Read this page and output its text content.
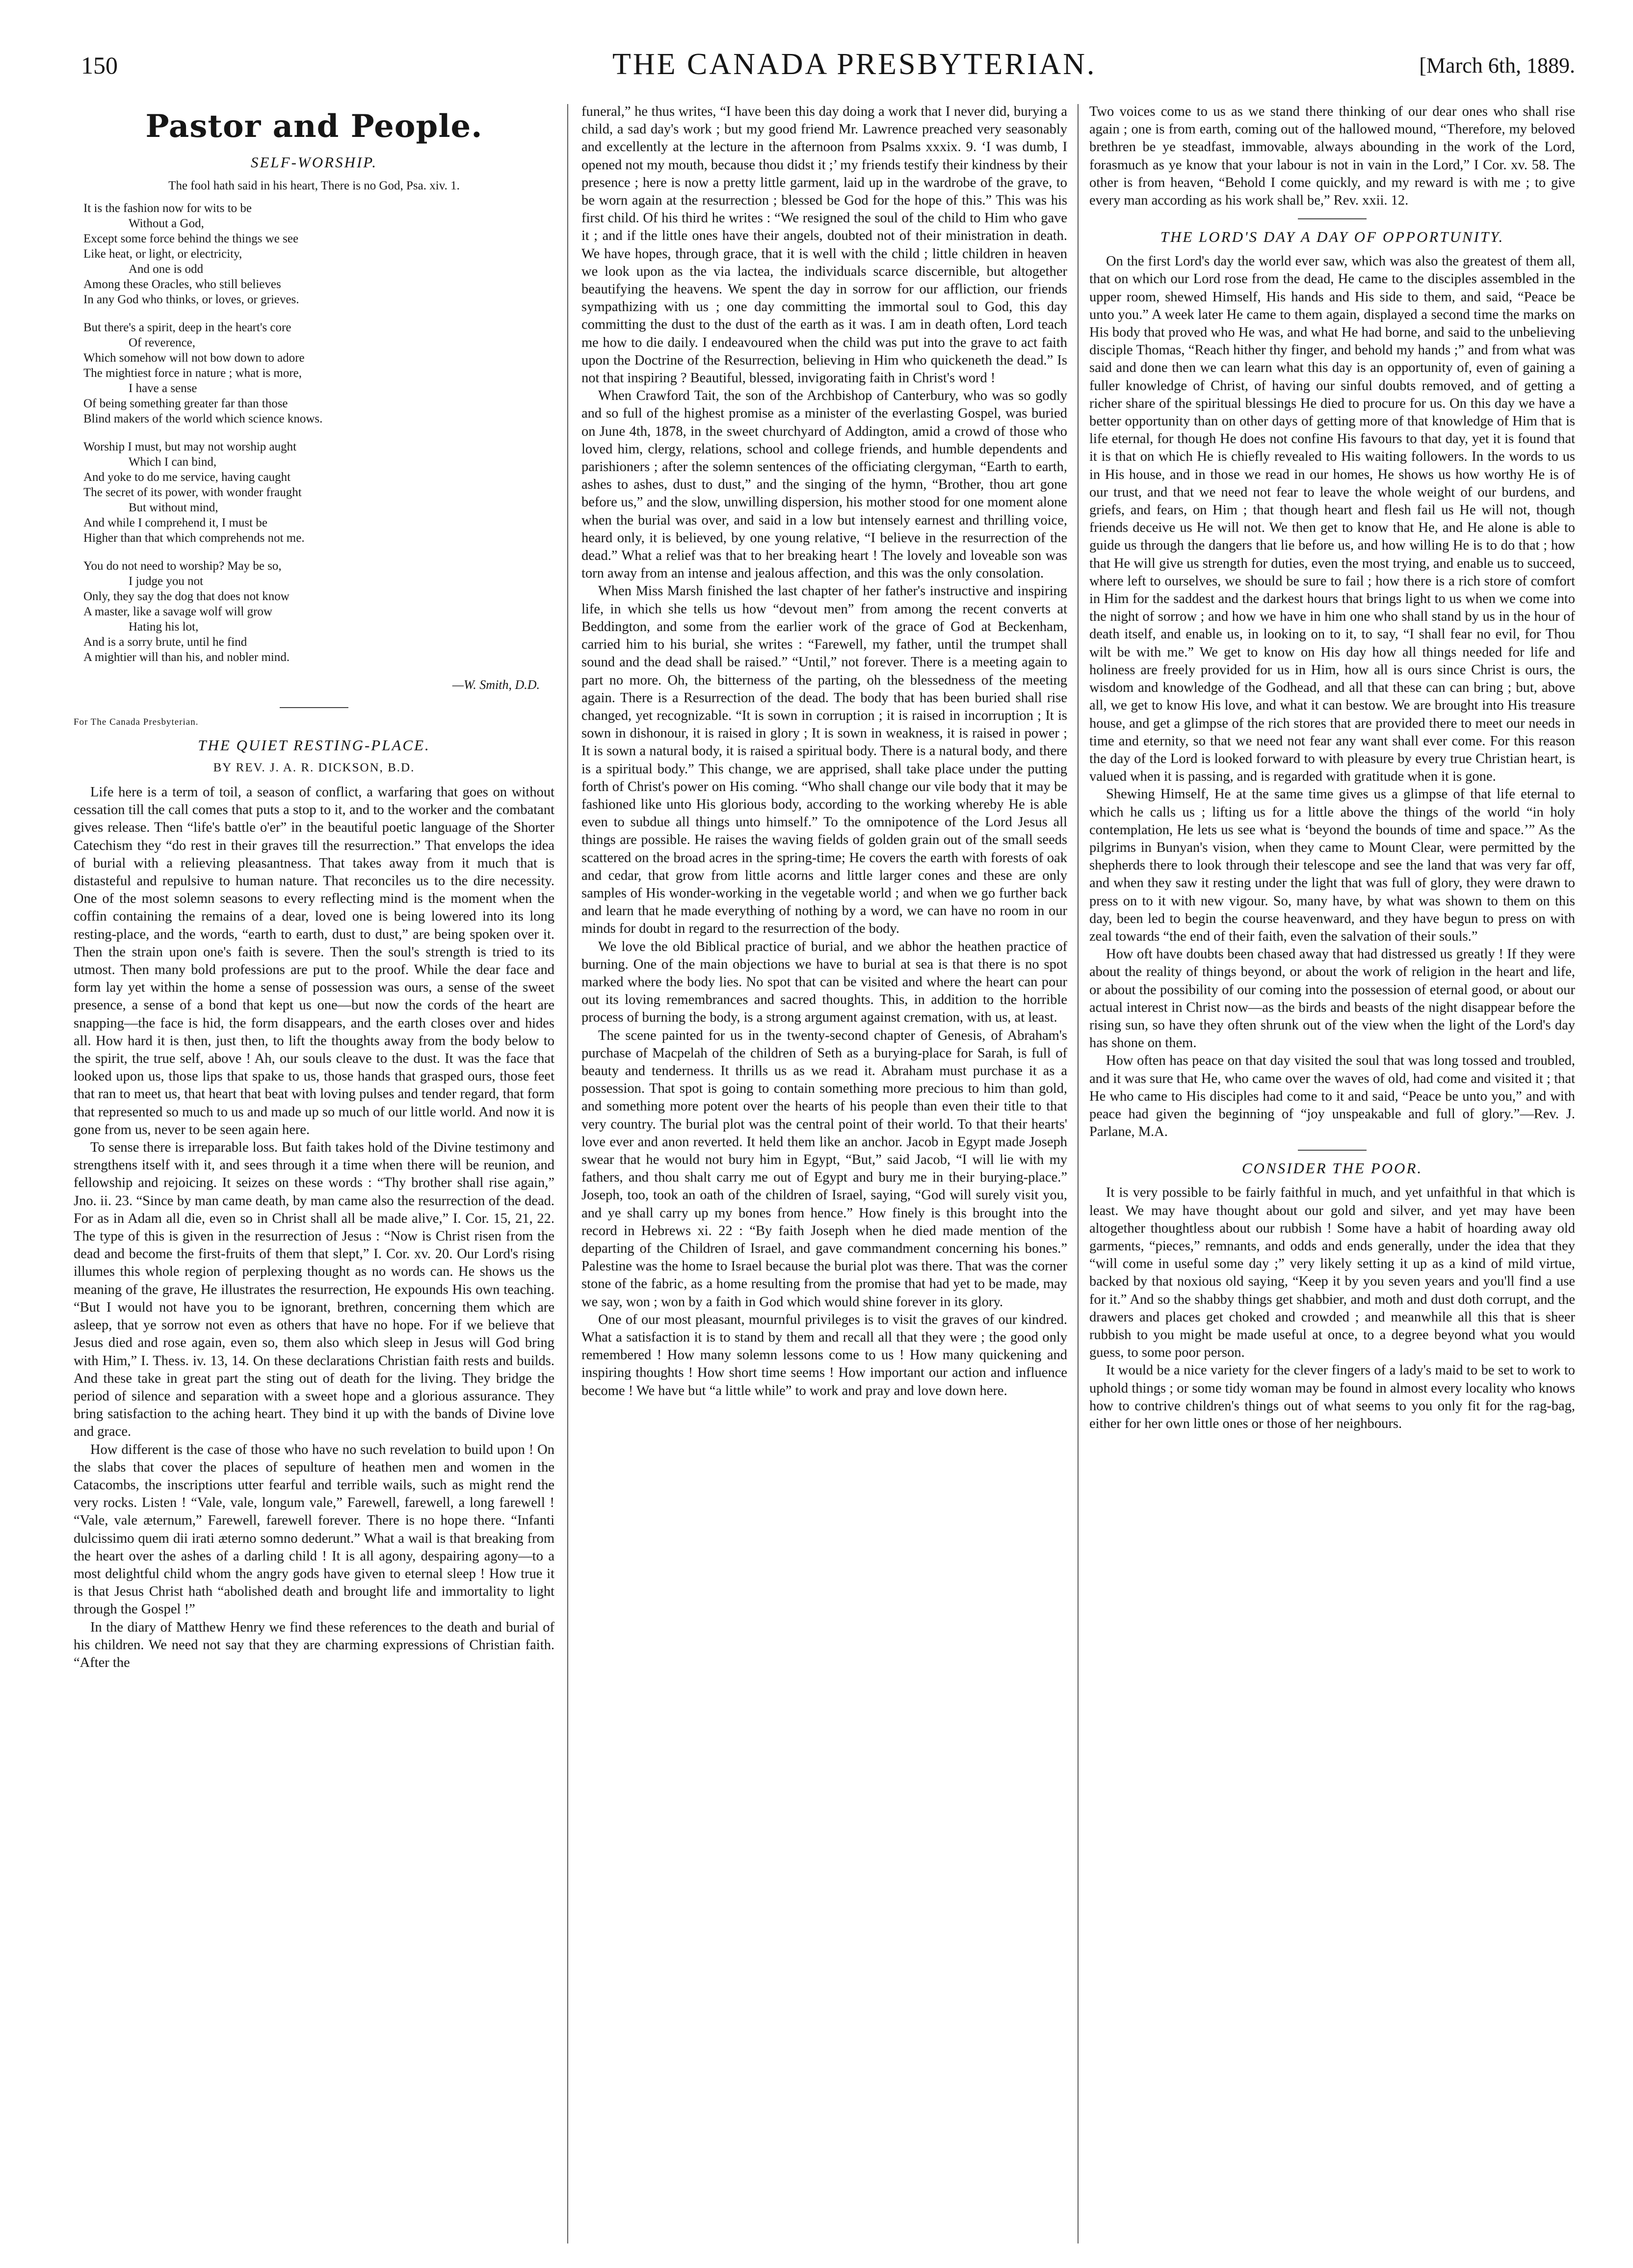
150	THE CANADA PRESBYTERIAN.	[March 6th, 1889.
Pastor and People.
SELF-WORSHIP.
The fool hath said in his heart, There is no God, Psa. xiv. 1.
It is the fashion now for wits to be
Without a God,
Except some force behind the things we see
Like heat, or light, or electricity,
And one is odd
Among these Oracles, who still believes
In any God who thinks, or loves, or grieves.
But there's a spirit, deep in the heart's core
Of reverence,
Which somehow will not bow down to adore
The mightiest force in nature ; what is more,
I have a sense
Of being something greater far than those
Blind makers of the world which science knows.
Worship I must, but may not worship aught
Which I can bind,
And yoke to do me service, having caught
The secret of its power, with wonder fraught
But without mind,
And while I comprehend it, I must be
Higher than that which comprehends not me.
You do not need to worship? May be so,
I judge you not
Only, they say the dog that does not know
A master, like a savage wolf will grow
Hating his lot,
And is a sorry brute, until he find
A mightier will than his, and nobler mind.
—W. Smith, D.D.
For The Canada Presbyterian.
THE QUIET RESTING-PLACE.
BY REV. J. A. R. DICKSON, B.D.

Life here is a term of toil, a season of conflict, a warfaring that goes on without cessation till the call comes that puts a stop to it, and to the worker and the combatant gives release. Then “life's battle o'er” in the beautiful poetic language of the Shorter Catechism they “do rest in their graves till the resurrection.” That envelops the idea of burial with a relieving pleasantness. That takes away from it much that is distasteful and repulsive to human nature. That reconciles us to the dire necessity. One of the most solemn seasons to every reflecting mind is the moment when the coffin containing the remains of a dear, loved one is being lowered into its long resting-place, and the words, “earth to earth, dust to dust,” are being spoken over it. Then the strain upon one's faith is severe. Then the soul's strength is tried to its utmost. Then many bold professions are put to the proof. While the dear face and form lay yet within the home a sense of possession was ours, a sense of the sweet presence, a sense of a bond that kept us one—but now the cords of the heart are snapping—the face is hid, the form disappears, and the earth closes over and hides all. How hard it is then, just then, to lift the thoughts away from the body below to the spirit, the true self, above ! Ah, our souls cleave to the dust. It was the face that looked upon us, those lips that spake to us, those hands that grasped ours, those feet that ran to meet us, that heart that beat with loving pulses and tender regard, that form that represented so much to us and made up so much of our little world. And now it is gone from us, never to be seen again here.

To sense there is irreparable loss. But faith takes hold of the Divine testimony and strengthens itself with it, and sees through it a time when there will be reunion, and fellowship and rejoicing. It seizes on these words : “Thy brother shall rise again,” Jno. ii. 23. “Since by man came death, by man came also the resurrection of the dead. For as in Adam all die, even so in Christ shall all be made alive,” I. Cor. 15, 21, 22. The type of this is given in the resurrection of Jesus : “Now is Christ risen from the dead and become the first-fruits of them that slept,” I. Cor. xv. 20. Our Lord's rising illumes this whole region of perplexing thought as no words can. He shows us the meaning of the grave, He illustrates the resurrection, He expounds His own teaching. “But I would not have you to be ignorant, brethren, concerning them which are asleep, that ye sorrow not even as others that have no hope. For if we believe that Jesus died and rose again, even so, them also which sleep in Jesus will God bring with Him,” I. Thess. iv. 13, 14. On these declarations Christian faith rests and builds. And these take in great part the sting out of death for the living. They bridge the period of silence and separation with a sweet hope and a glorious assurance. They bring satisfaction to the aching heart. They bind it up with the bands of Divine love and grace.

How different is the case of those who have no such revelation to build upon ! On the slabs that cover the places of sepulture of heathen men and women in the Catacombs, the inscriptions utter fearful and terrible wails, such as might rend the very rocks. Listen ! “Vale, vale, longum vale,” Farewell, farewell, a long farewell ! “Vale, vale æternum,” Farewell, farewell forever. There is no hope there. “Infanti dulcissimo quem dii irati æterno somno dederunt.” What a wail is that breaking from the heart over the ashes of a darling child ! It is all agony, despairing agony—to a most delightful child whom the angry gods have given to eternal sleep ! How true it is that Jesus Christ hath “abolished death and brought life and immortality to light through the Gospel !”

In the diary of Matthew Henry we find these references to the death and burial of his children. We need not say that they are charming expressions of Christian faith. “After the

funeral,” he thus writes, “I have been this day doing a work that I never did, burying a child, a sad day's work ; but my good friend Mr. Lawrence preached very seasonably and excellently at the lecture in the afternoon from Psalms xxxix. 9. ‘I was dumb, I opened not my mouth, because thou didst it ;’ my friends testify their kindness by their presence ; here is now a pretty little garment, laid up in the wardrobe of the grave, to be worn again at the resurrection ; blessed be God for the hope of this.” This was his first child. Of his third he writes : “We resigned the soul of the child to Him who gave it ; and if the little ones have their angels, doubted not of their ministration in death. We have hopes, through grace, that it is well with the child ; little children in heaven we look upon as the via lactea, the individuals scarce discernible, but altogether beautifying the heavens. We spent the day in sorrow for our affliction, our friends sympathizing with us ; one day committing the immortal soul to God, this day committing the dust to the dust of the earth as it was. I am in death often, Lord teach me how to die daily. I endeavoured when the child was put into the grave to act faith upon the Doctrine of the Resurrection, believing in Him who quickeneth the dead.” Is not that inspiring ? Beautiful, blessed, invigorating faith in Christ's word !

When Crawford Tait, the son of the Archbishop of Canterbury, who was so godly and so full of the highest promise as a minister of the everlasting Gospel, was buried on June 4th, 1878, in the sweet churchyard of Addington, amid a crowd of those who loved him, clergy, relations, school and college friends, and humble dependents and parishioners ; after the solemn sentences of the officiating clergyman, “Earth to earth, ashes to ashes, dust to dust,” and the singing of the hymn, “Brother, thou art gone before us,” and the slow, unwilling dispersion, his mother stood for one moment alone when the burial was over, and said in a low but intensely earnest and thrilling voice, heard only, it is believed, by one young relative, “I believe in the resurrection of the dead.” What a relief was that to her breaking heart ! The lovely and loveable son was torn away from an intense and jealous affection, and this was the only consolation.

When Miss Marsh finished the last chapter of her father's instructive and inspiring life, in which she tells us how “devout men” from among the recent converts at Beddington, and some from the earlier work of the grace of God at Beckenham, carried him to his burial, she writes : “Farewell, my father, until the trumpet shall sound and the dead shall be raised.” “Until,” not forever. There is a meeting again to part no more. Oh, the bitterness of the parting, oh the blessedness of the meeting again. There is a Resurrection of the dead. The body that has been buried shall rise changed, yet recognizable. “It is sown in corruption ; it is raised in incorruption ; It is sown in dishonour, it is raised in glory ; It is sown in weakness, it is raised in power ; It is sown a natural body, it is raised a spiritual body. There is a natural body, and there is a spiritual body.” This change, we are apprised, shall take place under the putting forth of Christ's power on His coming. “Who shall change our vile body that it may be fashioned like unto His glorious body, according to the working whereby He is able even to subdue all things unto himself.” To the omnipotence of the Lord Jesus all things are possible. He raises the waving fields of golden grain out of the small seeds scattered on the broad acres in the spring-time; He covers the earth with forests of oak and cedar, that grow from little acorns and little larger cones and these are only samples of His wonder-working in the vegetable world ; and when we go further back and learn that he made everything of nothing by a word, we can have no room in our minds for doubt in regard to the resurrection of the body.

We love the old Biblical practice of burial, and we abhor the heathen practice of burning. One of the main objections we have to burial at sea is that there is no spot marked where the body lies. No spot that can be visited and where the heart can pour out its loving remembrances and sacred thoughts. This, in addition to the horrible process of burning the body, is a strong argument against cremation, with us, at least.

The scene painted for us in the twenty-second chapter of Genesis, of Abraham's purchase of Macpelah of the children of Seth as a burying-place for Sarah, is full of beauty and tenderness. It thrills us as we read it. Abraham must purchase it as a possession. That spot is going to contain something more precious to him than gold, and something more potent over the hearts of his people than even their title to that very country. The burial plot was the central point of their world. To that their hearts' love ever and anon reverted. It held them like an anchor. Jacob in Egypt made Joseph swear that he would not bury him in Egypt, “But,” said Jacob, “I will lie with my fathers, and thou shalt carry me out of Egypt and bury me in their burying-place.” Joseph, too, took an oath of the children of Israel, saying, “God will surely visit you, and ye shall carry up my bones from hence.” How finely is this brought into the record in Hebrews xi. 22 : “By faith Joseph when he died made mention of the departing of the Children of Israel, and gave commandment concerning his bones.” Palestine was the home to Israel because the burial plot was there. That was the corner stone of the fabric, as a home resulting from the promise that had yet to be made, may we say, won ; won by a faith in God which would shine forever in its glory.

One of our most pleasant, mournful privileges is to visit the graves of our kindred. What a satisfaction it is to stand by them and recall all that they were ; the good only remembered ! How many solemn lessons come to us ! How many quickening and inspiring thoughts ! How short time seems ! How important our action and influence become ! We have but “a little while” to work and pray and love down here.

Two voices come to us as we stand there thinking of our dear ones who shall rise again ; one is from earth, coming out of the hallowed mound, “Therefore, my beloved brethren be ye steadfast, immovable, always abounding in the work of the Lord, forasmuch as ye know that your labour is not in vain in the Lord,” I Cor. xv. 58. The other is from heaven, “Behold I come quickly, and my reward is with me ; to give every man according as his work shall be,” Rev. xxii. 12.

THE LORD'S DAY A DAY OF OPPORTUNITY.

On the first Lord's day the world ever saw, which was also the greatest of them all, that on which our Lord rose from the dead, He came to the disciples assembled in the upper room, shewed Himself, His hands and His side to them, and said, “Peace be unto you.” A week later He came to them again, displayed a second time the marks on His body that proved who He was, and what He had borne, and said to the unbelieving disciple Thomas, “Reach hither thy finger, and behold my hands ;” and from what was said and done then we can learn what this day is an opportunity of, even of gaining a fuller knowledge of Christ, of having our sinful doubts removed, and of getting a richer share of the spiritual blessings He died to procure for us. On this day we have a better opportunity than on other days of getting more of that knowledge of Him that is life eternal, for though He does not confine His favours to that day, yet it is found that it is that on which He is chiefly revealed to His waiting followers. In the words to us in His house, and in those we read in our homes, He shows us how worthy He is of our trust, and that we need not fear to leave the whole weight of our burdens, and griefs, and fears, on Him ; that though heart and flesh fail us He will not, though friends deceive us He will not. We then get to know that He, and He alone is able to guide us through the dangers that lie before us, and how willing He is to do that ; how that He will give us strength for duties, even the most trying, and enable us to succeed, where left to ourselves, we should be sure to fail ; how there is a rich store of comfort in Him for the saddest and the darkest hours that brings light to us when we come into the night of sorrow ; and how we have in him one who shall stand by us in the hour of death itself, and enable us, in looking on to it, to say, “I shall fear no evil, for Thou wilt be with me.” We get to know on His day how all things needed for life and holiness are freely provided for us in Him, how all is ours since Christ is ours, the wisdom and knowledge of the Godhead, and all that these can can bring ; but, above all, we get to know His love, and what it can bestow. We are brought into His treasure house, and get a glimpse of the rich stores that are provided there to meet our needs in time and eternity, so that we need not fear any want shall ever come. For this reason the day of the Lord is looked forward to with pleasure by every true Christian heart, is valued when it is passing, and is regarded with gratitude when it is gone.

Shewing Himself, He at the same time gives us a glimpse of that life eternal to which he calls us ; lifting us for a little above the things of the world “in holy contemplation, He lets us see what is ‘beyond the bounds of time and space.’” As the pilgrims in Bunyan's vision, when they came to Mount Clear, were permitted by the shepherds there to look through their telescope and see the land that was very far off, and when they saw it resting under the light that was full of glory, they were drawn to press on to it with new vigour. So, many have, by what was shown to them on this day, been led to begin the course heavenward, and they have begun to press on with zeal towards “the end of their faith, even the salvation of their souls.”

How oft have doubts been chased away that had distressed us greatly ! If they were about the reality of things beyond, or about the work of religion in the heart and life, or about the possibility of our coming into the possession of eternal good, or about our actual interest in Christ now—as the birds and beasts of the night disappear before the rising sun, so have they often shrunk out of the view when the light of the Lord's day has shone on them.

How often has peace on that day visited the soul that was long tossed and troubled, and it was sure that He, who came over the waves of old, had come and visited it ; that He who came to His disciples had come to it and said, “Peace be unto you,” and with peace had given the beginning of “joy unspeakable and full of glory.”—Rev. J. Parlane, M.A.

CONSIDER THE POOR.

It is very possible to be fairly faithful in much, and yet unfaithful in that which is least. We may have thought about our gold and silver, and yet may have been altogether thoughtless about our rubbish ! Some have a habit of hoarding away old garments, “pieces,” remnants, and odds and ends generally, under the idea that they “will come in useful some day ;” very likely setting it up as a kind of mild virtue, backed by that noxious old saying, “Keep it by you seven years and you'll find a use for it.” And so the shabby things get shabbier, and moth and dust doth corrupt, and the drawers and places get choked and crowded ; and meanwhile all this that is sheer rubbish to you might be made useful at once, to a degree beyond what you would guess, to some poor person.

It would be a nice variety for the clever fingers of a lady's maid to be set to work to uphold things ; or some tidy woman may be found in almost every locality who knows how to contrive children's things out of what seems to you only fit for the rag-bag, either for her own little ones or those of her neighbours.
